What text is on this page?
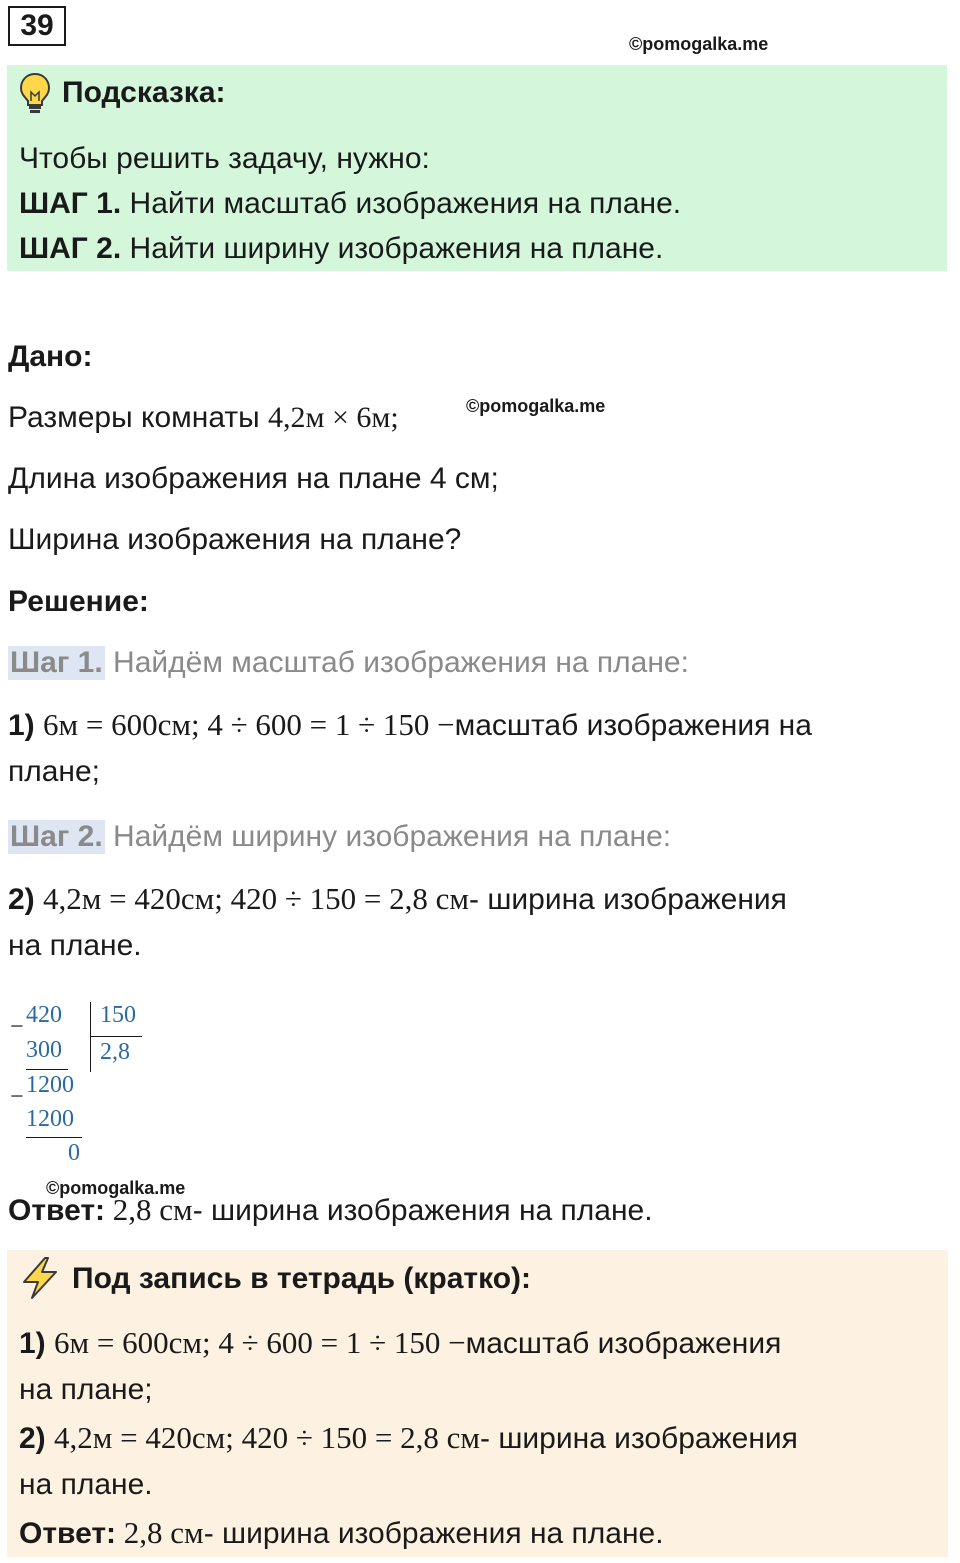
39
©pomogalka.me
Подсказка:
Чтобы решить задачу, нужно:
ШАГ 1. Найти масштаб изображения на плане.
ШАГ 2. Найти ширину изображения на плане.
Дано:
Размеры комнаты 4,2м × 6м;	©pomogalka.me
Длина изображения на плане 4 см;
Ширина изображения на плане?
Решение:
Шаг 1. Найдём масштаб изображения на плане:
1) 6м = 600см; 4 ÷ 600 = 1 ÷ 150 −масштаб изображения на
плане;
Шаг 2. Найдём ширину изображения на плане:
2) 4,2м = 420см; 420 ÷ 150 = 2,8 см- ширина изображения
на плане.
− 420 150
300 2,8
− 1200
1200
0
©pomogalka.me
Ответ: 2,8 см- ширина изображения на плане.
Под запись в тетрадь (кратко):
1) 6м = 600см; 4 ÷ 600 = 1 ÷ 150 −масштаб изображения
на плане;
2) 4,2м = 420см; 420 ÷ 150 = 2,8 см- ширина изображения
на плане.
Ответ: 2,8 см- ширина изображения на плане.
